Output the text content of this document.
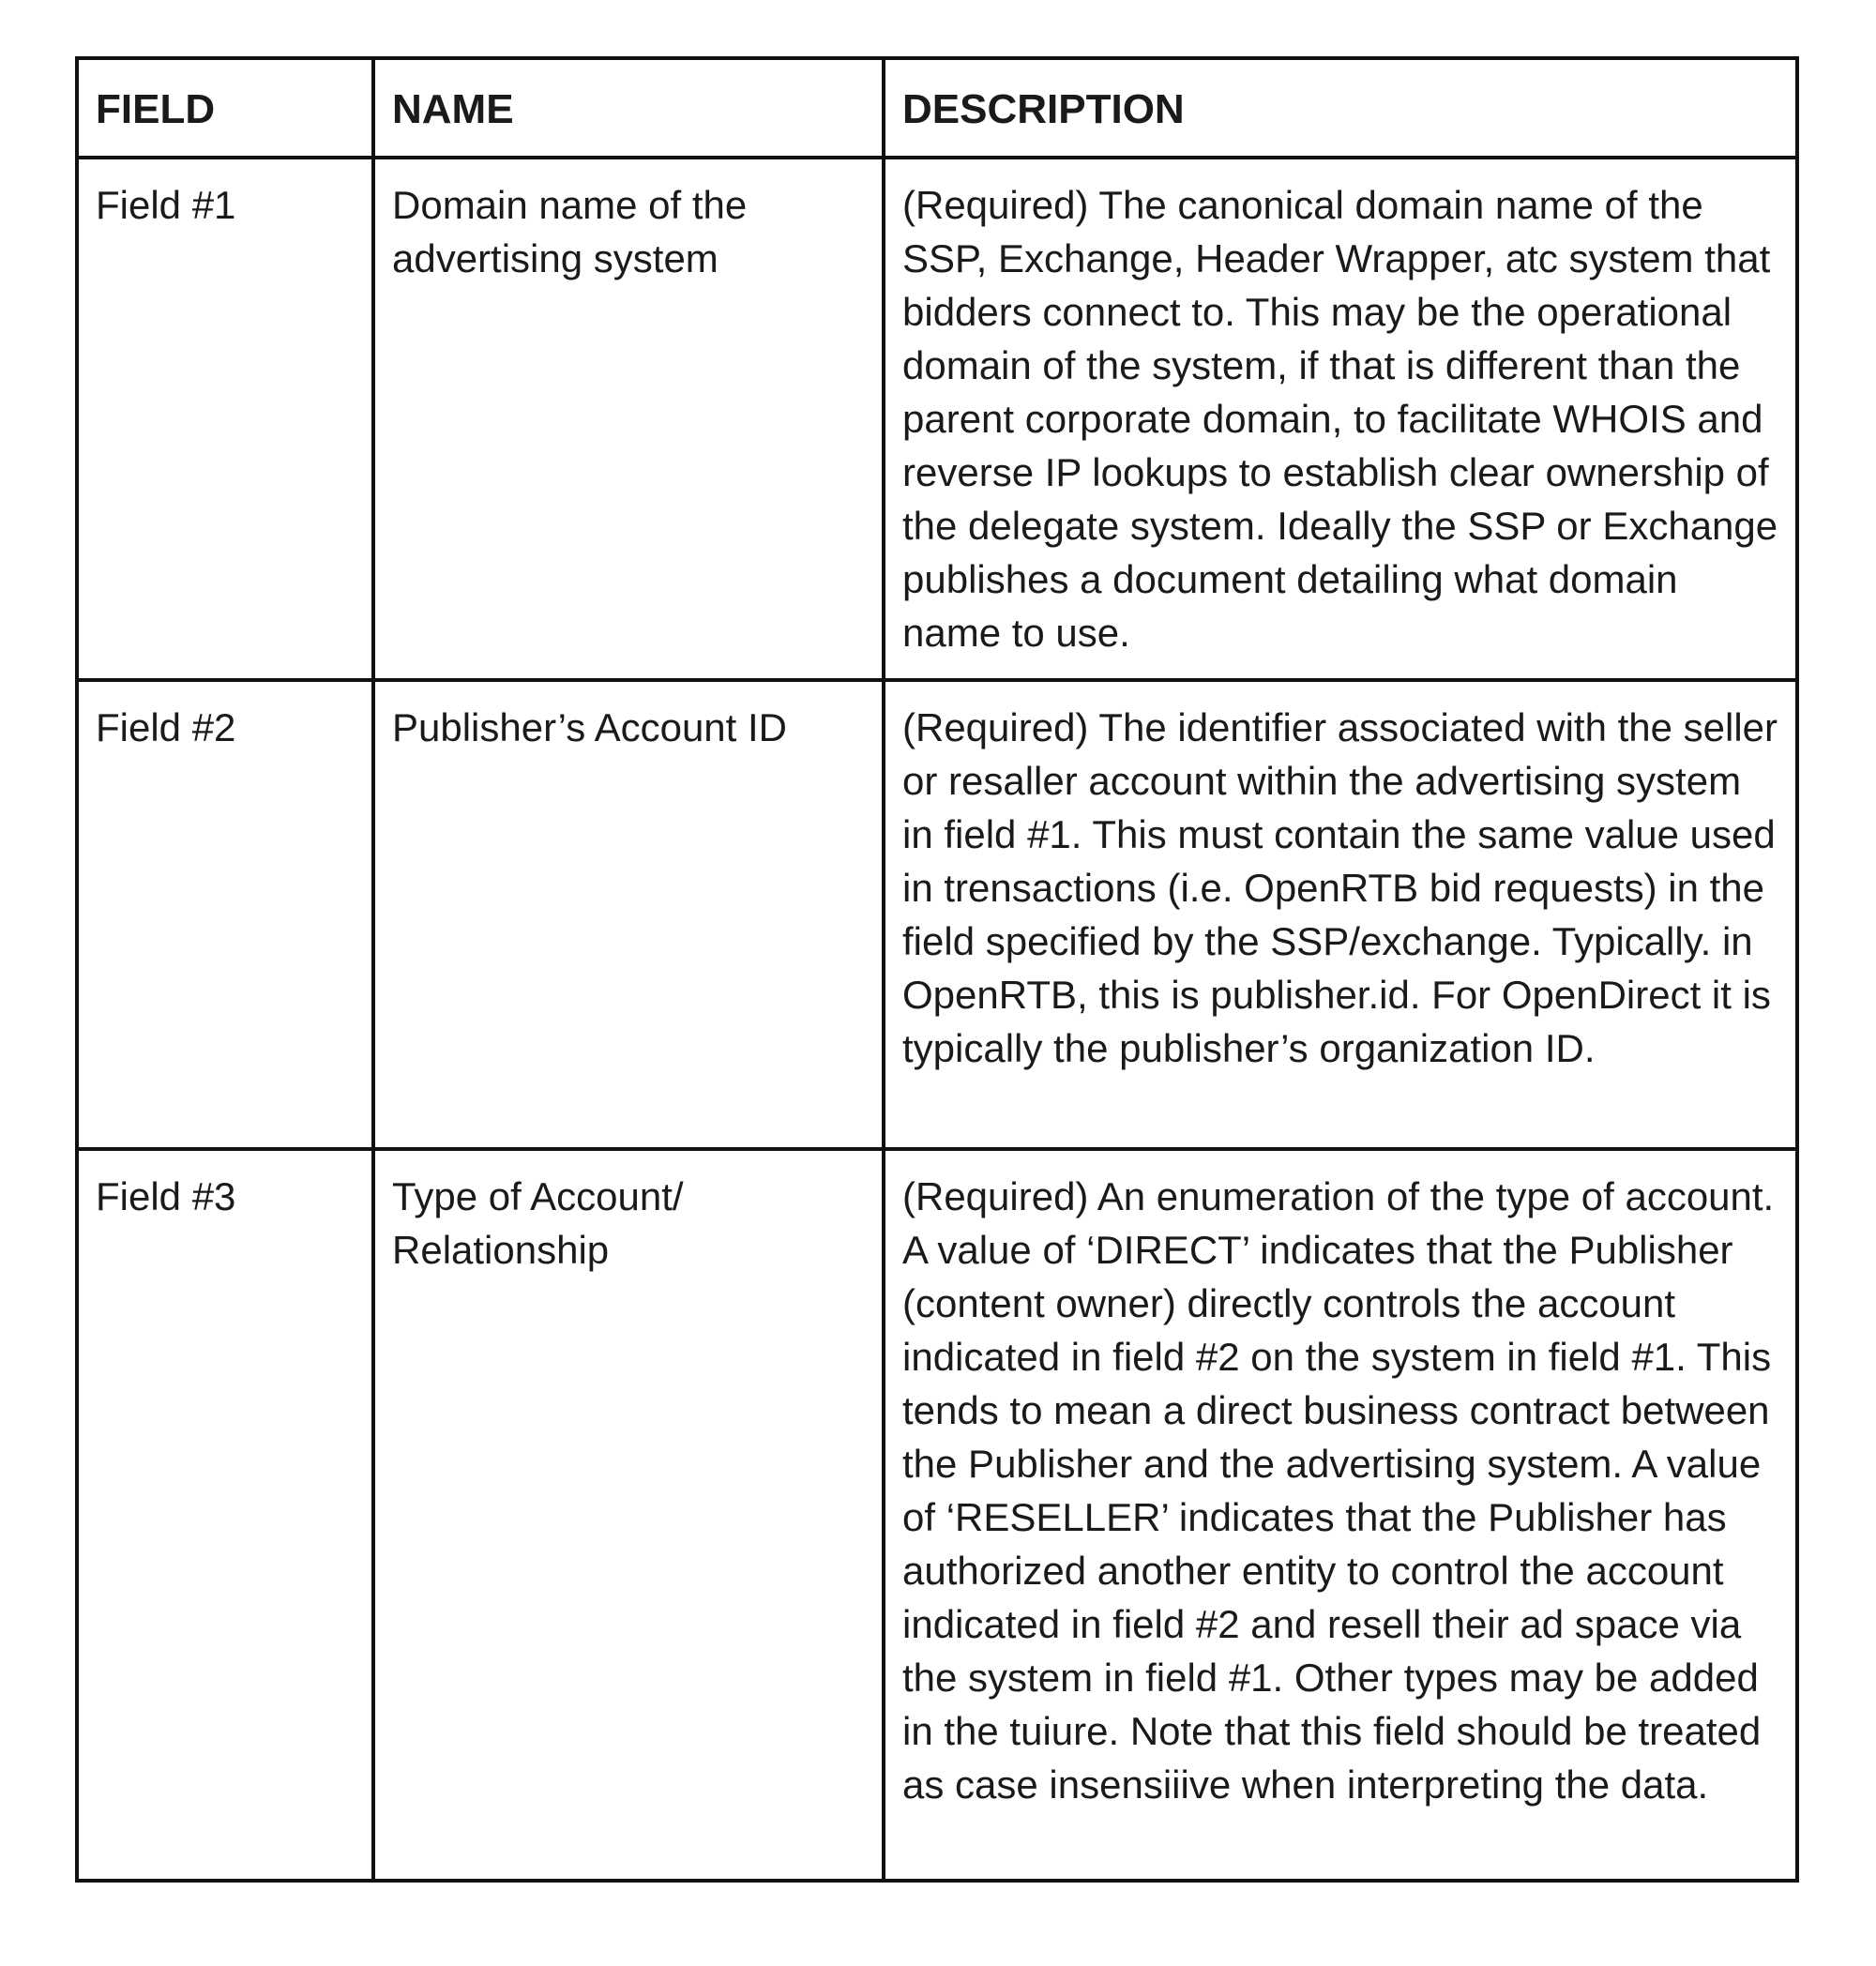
FIELD	NAME	DESCRIPTION
Field #1	Domain name of the advertising system	(Required) The canonical domain name of the SSP, Exchange, Header Wrapper, atc system that bidders connect to. This may be the operational domain of the system, if that is different than the parent corporate domain, to facilitate WHOIS and reverse IP lookups to establish clear ownership of the delegate system. Ideally the SSP or Exchange publishes a document detailing what domain name to use.
Field #2	Publisher’s Account ID	(Required) The identifier associated with the seller or resaller account within the advertising system in field #1. This must contain the same value used in trensactions (i.e. OpenRTB bid requests) in the field specified by the SSP/exchange. Typically. in OpenRTB, this is publisher.id. For OpenDirect it is typically the publisher’s organization ID.
Field #3	Type of Account/ Relationship	(Required) An enumeration of the type of account. A value of ‘DIRECT’ indicates that the Publisher (content owner) directly controls the account indicated in field #2 on the system in field #1. This tends to mean a direct business contract between the Publisher and the advertising system. A value of ‘RESELLER’ indicates that the Publisher has authorized another entity to control the account indicated in field #2 and resell their ad space via the system in field #1. Other types may be added in the tuiure. Note that this field should be treated as case insensiiive when interpreting the data.
